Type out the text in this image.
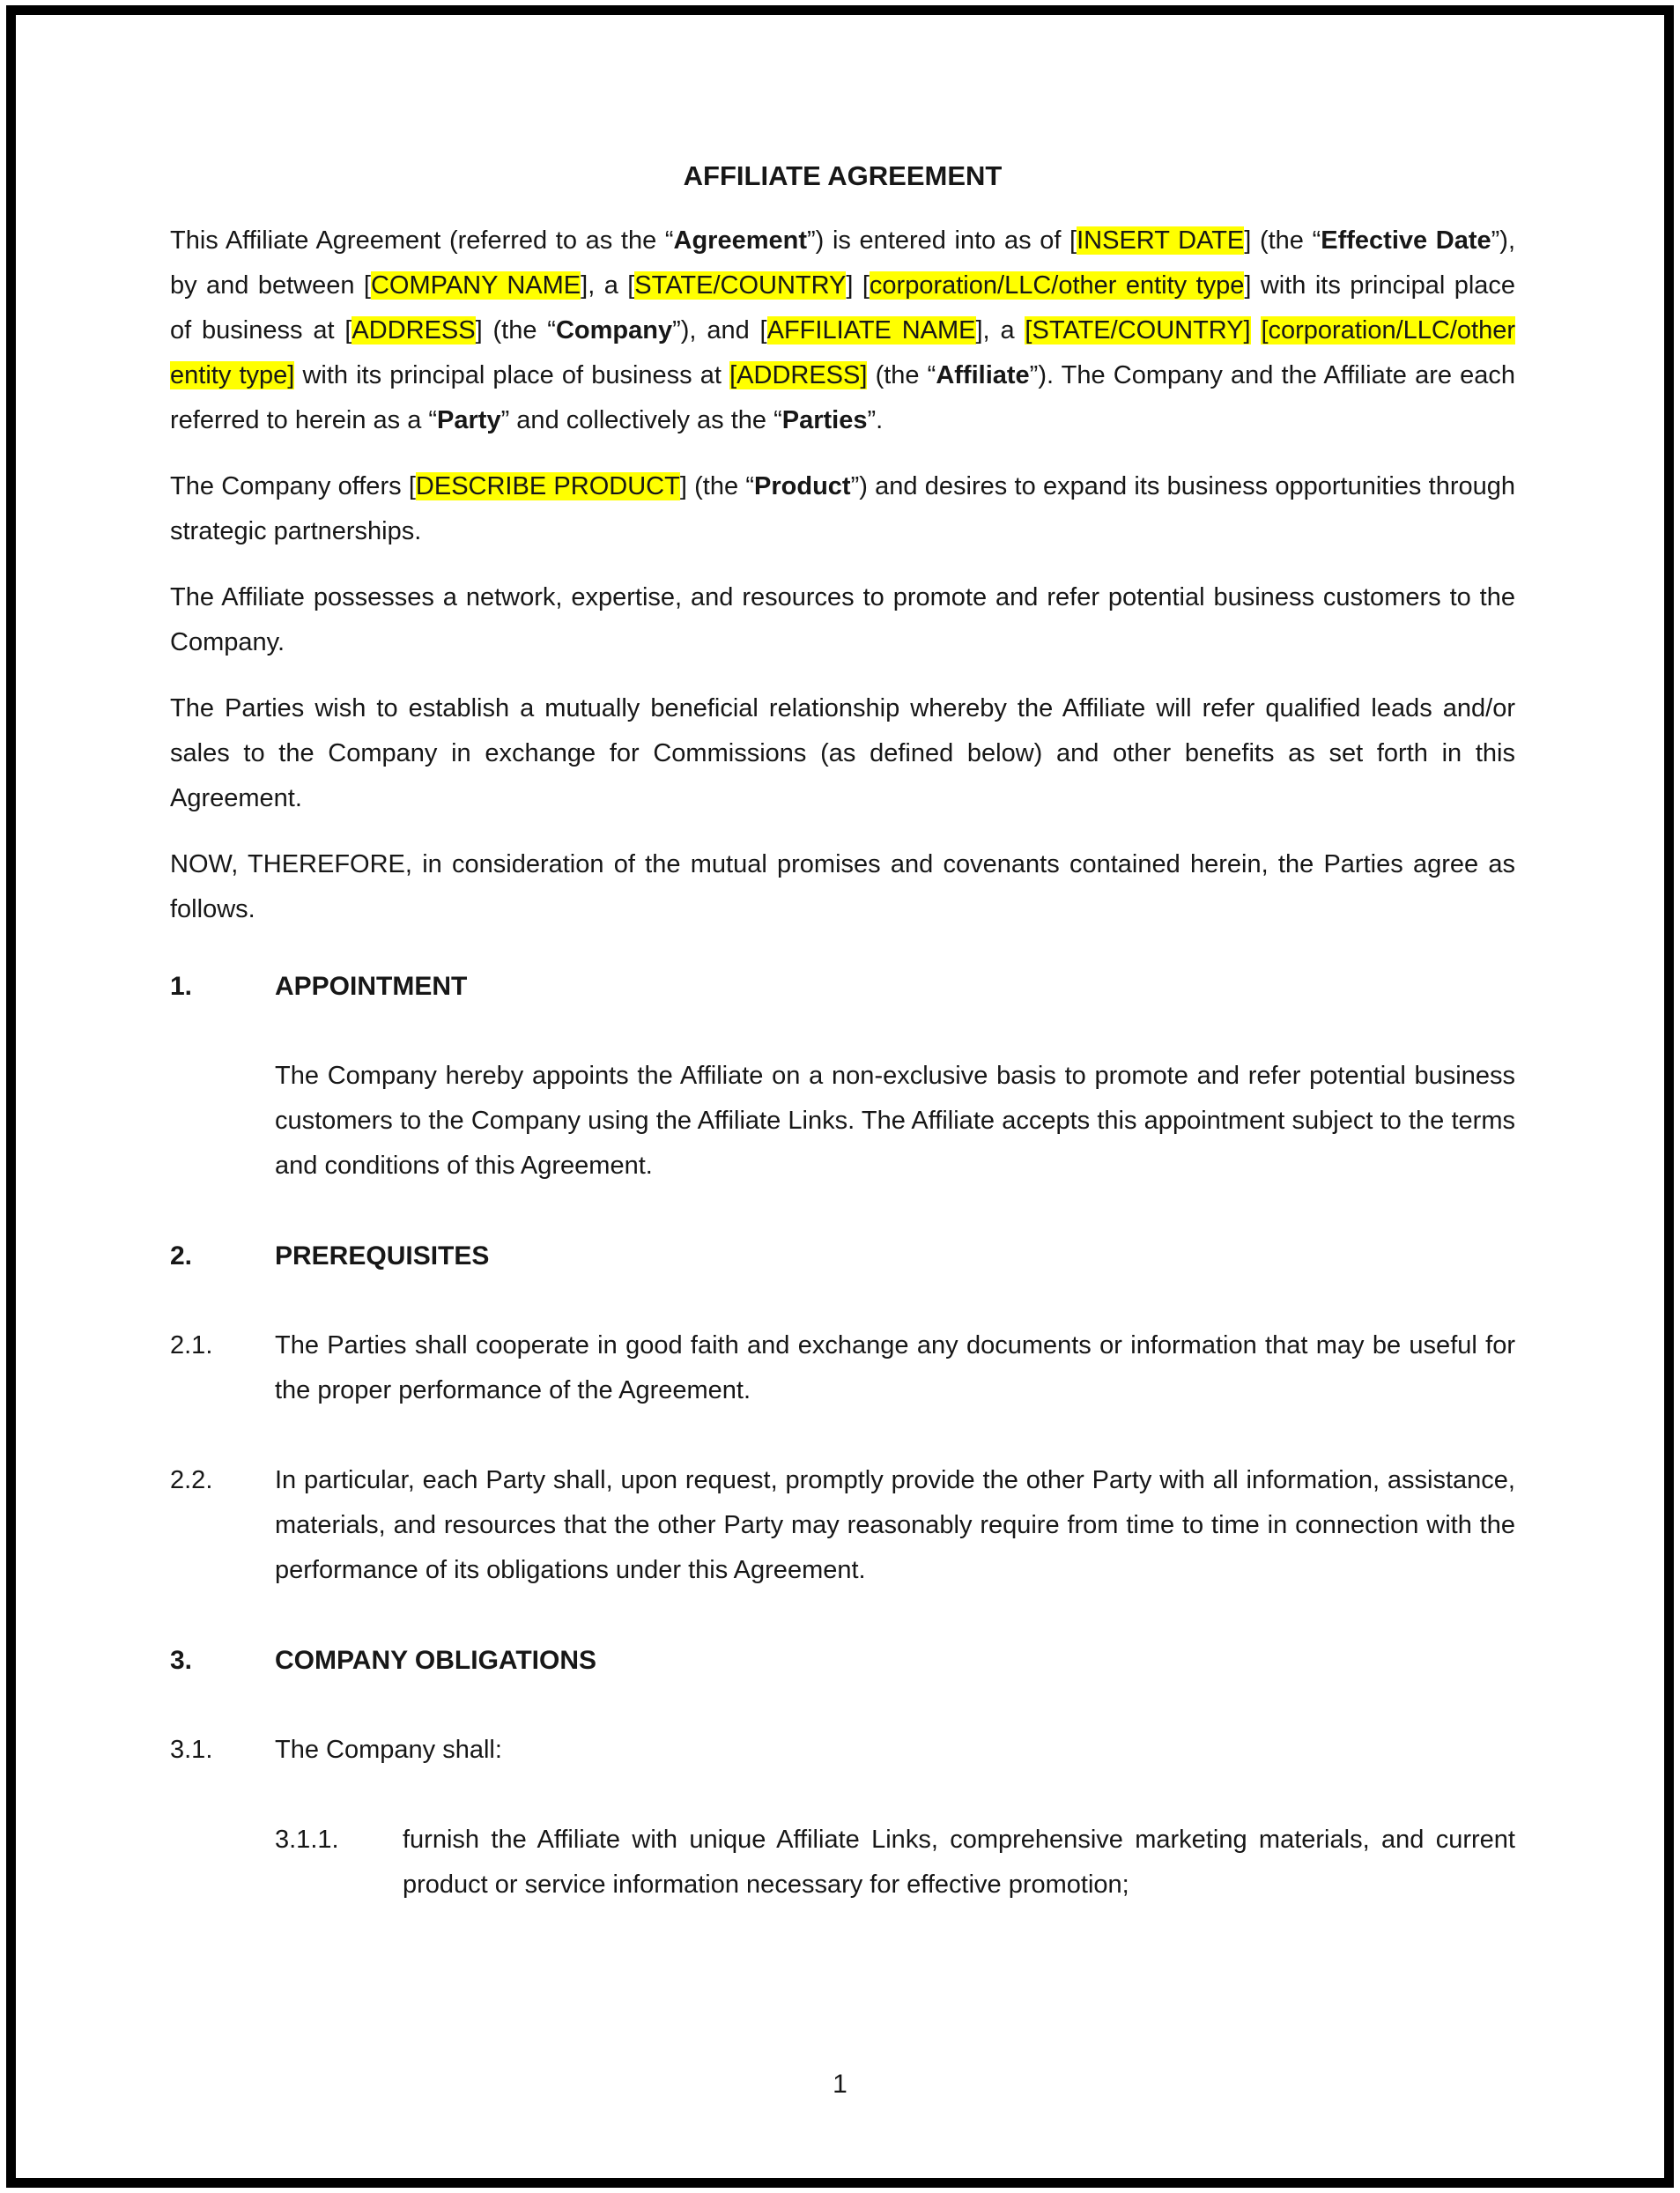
AFFILIATE AGREEMENT

This Affiliate Agreement (referred to as the “Agreement”) is entered into as of [INSERT DATE] (the “Effective Date”), by and between [COMPANY NAME], a [STATE/COUNTRY] [corporation/LLC/other entity type] with its principal place of business at [ADDRESS] (the “Company”), and [AFFILIATE NAME], a [STATE/COUNTRY] [corporation/LLC/other entity type] with its principal place of business at [ADDRESS] (the “Affiliate”). The Company and the Affiliate are each referred to herein as a “Party” and collectively as the “Parties”.

The Company offers [DESCRIBE PRODUCT] (the “Product”) and desires to expand its business opportunities through strategic partnerships.

The Affiliate possesses a network, expertise, and resources to promote and refer potential business customers to the Company.

The Parties wish to establish a mutually beneficial relationship whereby the Affiliate will refer qualified leads and/or sales to the Company in exchange for Commissions (as defined below) and other benefits as set forth in this Agreement.

NOW, THEREFORE, in consideration of the mutual promises and covenants contained herein, the Parties agree as follows.

1.	APPOINTMENT

The Company hereby appoints the Affiliate on a non-exclusive basis to promote and refer potential business customers to the Company using the Affiliate Links. The Affiliate accepts this appointment subject to the terms and conditions of this Agreement.

2.	PREREQUISITES
2.1.	The Parties shall cooperate in good faith and exchange any documents or information that may be useful for the proper performance of the Agreement.
2.2.	In particular, each Party shall, upon request, promptly provide the other Party with all information, assistance, materials, and resources that the other Party may reasonably require from time to time in connection with the performance of its obligations under this Agreement.
3.	COMPANY OBLIGATIONS
3.1.	The Company shall:
3.1.1.	furnish the Affiliate with unique Affiliate Links, comprehensive marketing materials, and current product or service information necessary for effective promotion;
1
